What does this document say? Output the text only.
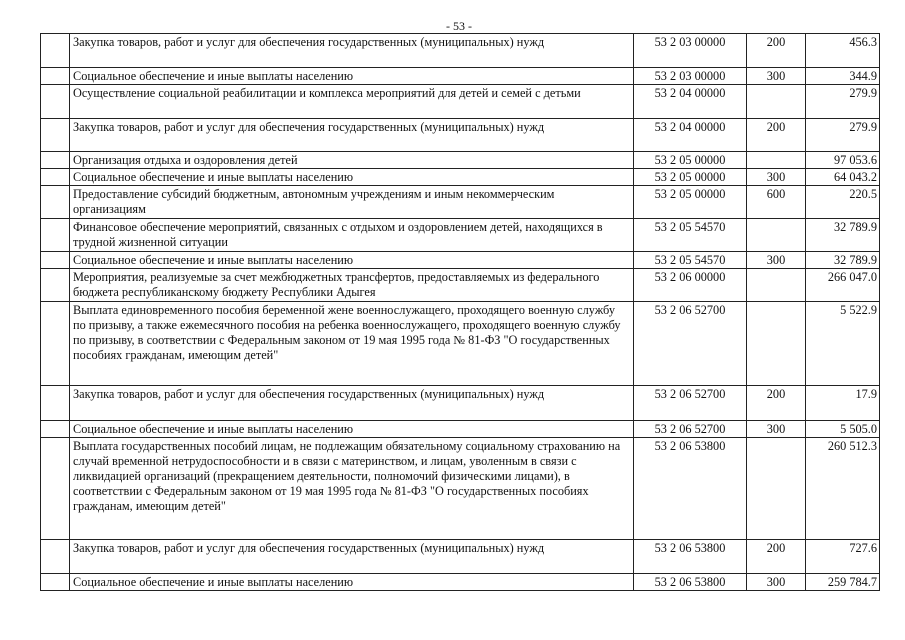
- 53 -
	Закупка товаров, работ и услуг для обеспечения государственных (муниципальных) нужд	53 2 03 00000	200	456.3
	Социальное обеспечение и иные выплаты населению	53 2 03 00000	300	344.9
	Осуществление социальной реабилитации и комплекса мероприятий для детей и семей с детьми	53 2 04 00000		279.9
	Закупка товаров, работ и услуг для обеспечения государственных (муниципальных) нужд	53 2 04 00000	200	279.9
	Организация отдыха и оздоровления детей	53 2 05 00000		97 053.6
	Социальное обеспечение и иные выплаты населению	53 2 05 00000	300	64 043.2
	Предоставление субсидий бюджетным, автономным учреждениям и иным некоммерческим организациям	53 2 05 00000	600	220.5
	Финансовое обеспечение мероприятий, связанных с отдыхом и оздоровлением детей, находящихся в трудной жизненной ситуации	53 2 05 54570		32 789.9
	Социальное обеспечение и иные выплаты населению	53 2 05 54570	300	32 789.9
	Мероприятия, реализуемые за счет межбюджетных трансфертов, предоставляемых из федерального бюджета республиканскому бюджету Республики Адыгея	53 2 06 00000		266 047.0
	Выплата единовременного пособия беременной жене военнослужащего, проходящего военную службу по призыву, а также ежемесячного пособия на ребенка военнослужащего, проходящего военную службу по призыву, в соответствии с Федеральным законом от 19 мая 1995 года № 81-ФЗ "О государственных пособиях гражданам, имеющим детей"	53 2 06 52700		5 522.9
	Закупка товаров, работ и услуг для обеспечения государственных (муниципальных) нужд	53 2 06 52700	200	17.9
	Социальное обеспечение и иные выплаты населению	53 2 06 52700	300	5 505.0
	Выплата государственных пособий лицам, не подлежащим обязательному социальному страхованию на случай временной нетрудоспособности и в связи с материнством, и лицам, уволенным в связи с ликвидацией организаций (прекращением деятельности, полномочий физическими лицами), в соответствии с Федеральным законом от 19 мая 1995 года № 81-ФЗ "О государственных пособиях гражданам, имеющим детей"	53 2 06 53800		260 512.3
	Закупка товаров, работ и услуг для обеспечения государственных (муниципальных) нужд	53 2 06 53800	200	727.6
	Социальное обеспечение и иные выплаты населению	53 2 06 53800	300	259 784.7
